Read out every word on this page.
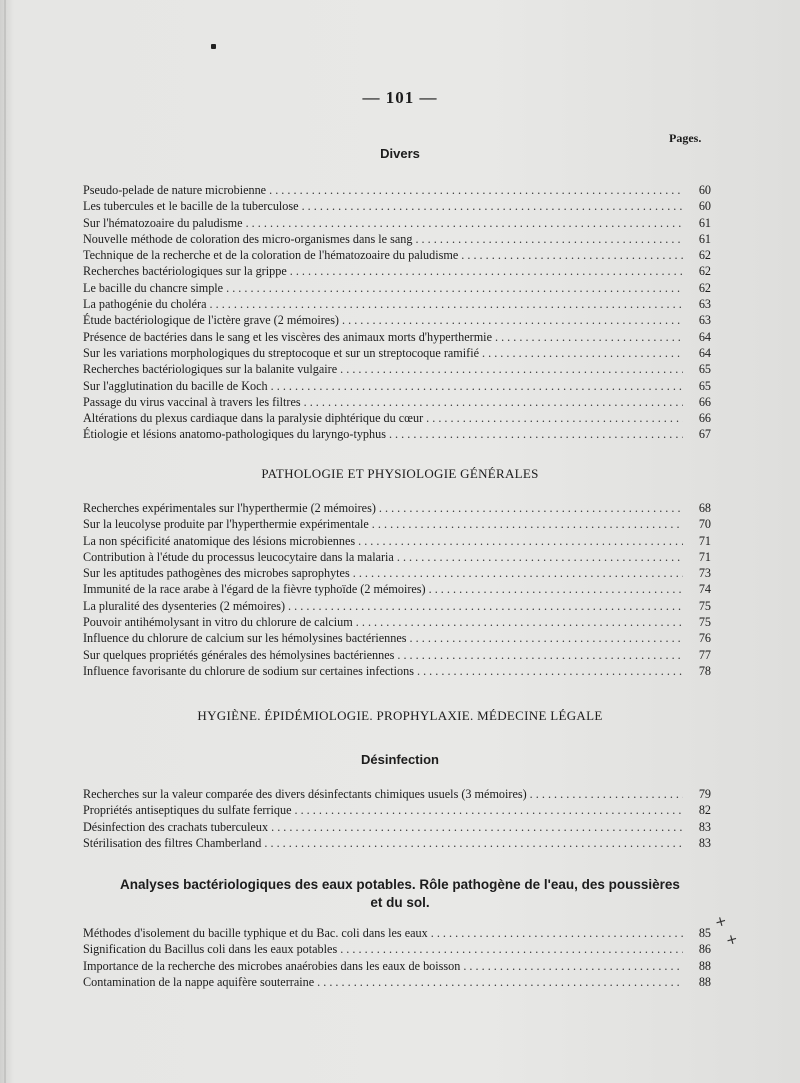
— 101 —
Pages.
Divers
Pseudo-pelade de nature microbienne . . .	60
Les tubercules et le bacille de la tuberculose . . .	60
Sur l'hématozoaire du paludisme . . .	61
Nouvelle méthode de coloration des micro-organismes dans le sang . . .	61
Technique de la recherche et de la coloration de l'hématozoaire du paludisme . . .	62
Recherches bactériologiques sur la grippe . . .	62
Le bacille du chancre simple . . .	62
La pathogénie du choléra . . .	63
Étude bactériologique de l'ictère grave (2 mémoires) . . .	63
Présence de bactéries dans le sang et les viscères des animaux morts d'hyperthermie . . .	64
Sur les variations morphologiques du streptocoque et sur un streptocoque ramifié . . .	64
Recherches bactériologiques sur la balanite vulgaire . . .	65
Sur l'agglutination du bacille de Koch . . .	65
Passage du virus vaccinal à travers les filtres . . .	66
Altérations du plexus cardiaque dans la paralysie diphtérique du cœur . . .	66
Étiologie et lésions anatomo-pathologiques du laryngo-typhus . . .	67
PATHOLOGIE ET PHYSIOLOGIE GÉNÉRALES
Recherches expérimentales sur l'hyperthermie (2 mémoires) . . .	68
Sur la leucolyse produite par l'hyperthermie expérimentale . . .	70
La non spécificité anatomique des lésions microbiennes . . .	71
Contribution à l'étude du processus leucocytaire dans la malaria . . .	71
Sur les aptitudes pathogènes des microbes saprophytes . . .	73
Immunité de la race arabe à l'égard de la fièvre typhoïde (2 mémoires) . . .	74
La pluralité des dysenteries (2 mémoires) . . .	75
Pouvoir antihémolysant in vitro du chlorure de calcium . . .	75
Influence du chlorure de calcium sur les hémolysines bactériennes . . .	76
Sur quelques propriétés générales des hémolysines bactériennes . . .	77
Influence favorisante du chlorure de sodium sur certaines infections . . .	78
HYGIÈNE. ÉPIDÉMIOLOGIE. PROPHYLAXIE. MÉDECINE LÉGALE
Désinfection
Recherches sur la valeur comparée des divers désinfectants chimiques usuels (3 mémoires) . . .	79
Propriétés antiseptiques du sulfate ferrique . . .	82
Désinfection des crachats tuberculeux . . .	83
Stérilisation des filtres Chamberland . . .	83
Analyses bactériologiques des eaux potables. Rôle pathogène de l'eau, des poussières
et du sol.
Méthodes d'isolement du bacille typhique et du Bac. coli dans les eaux . . .	85
Signification du Bacillus coli dans les eaux potables . . .	86
Importance de la recherche des microbes anaérobies dans les eaux de boisson . . .	88
Contamination de la nappe aquifère souterraine . . .	88
+
+
